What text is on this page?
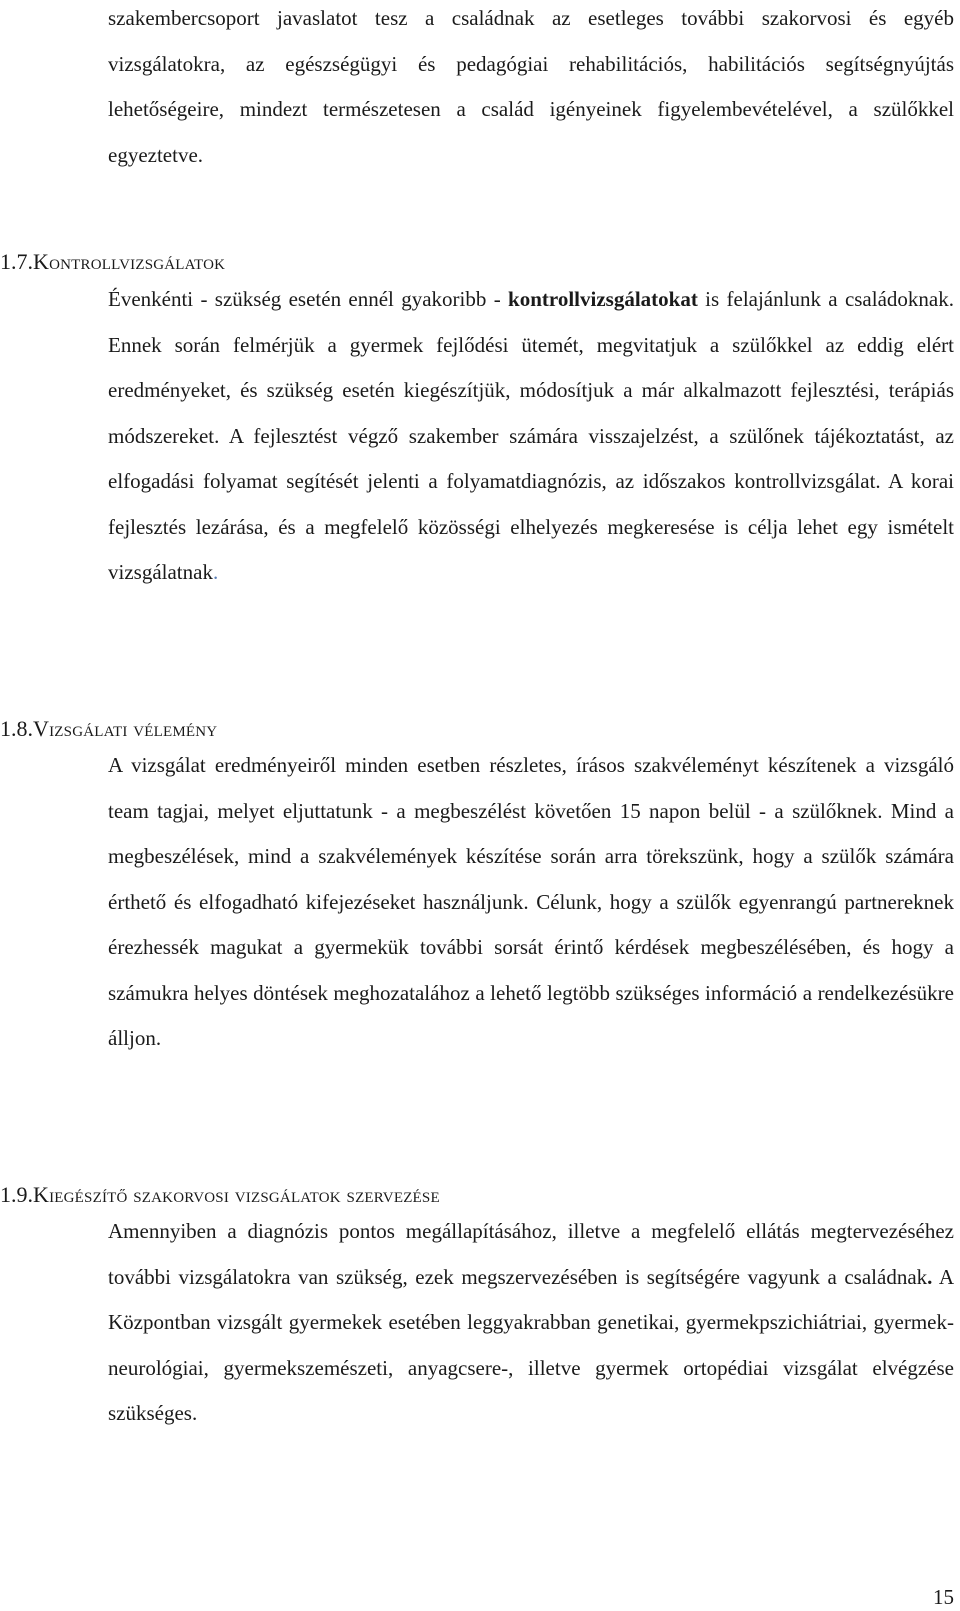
szakembercsoport javaslatot tesz a családnak az esetleges további szakorvosi és egyéb vizsgálatokra, az egészségügyi és pedagógiai rehabilitációs, habilitációs segítségnyújtás lehetőségeire, mindezt természetesen a család igényeinek figyelembevételével, a szülőkkel egyeztetve.

1.7.Kontrollvizsgálatok

Évenkénti - szükség esetén ennél gyakoribb - kontrollvizsgálatokat is felajánlunk a családoknak. Ennek során felmérjük a gyermek fejlődési ütemét, megvitatjuk a szülőkkel az eddig elért eredményeket, és szükség esetén kiegészítjük, módosítjuk a már alkalmazott fejlesztési, terápiás módszereket. A fejlesztést végző szakember számára visszajelzést, a szülőnek tájékoztatást, az elfogadási folyamat segítését jelenti a folyamatdiagnózis, az időszakos kontrollvizsgálat. A korai fejlesztés lezárása, és a megfelelő közösségi elhelyezés megkeresése is célja lehet egy ismételt vizsgálatnak.

1.8.Vizsgálati vélemény

A vizsgálat eredményeiről minden esetben részletes, írásos szakvéleményt készítenek a vizsgáló team tagjai, melyet eljuttatunk - a megbeszélést követően 15 napon belül - a szülőknek. Mind a megbeszélések, mind a szakvélemények készítése során arra törekszünk, hogy a szülők számára érthető és elfogadható kifejezéseket használjunk. Célunk, hogy a szülők egyenrangú partnereknek érezhessék magukat a gyermekük további sorsát érintő kérdések megbeszélésében, és hogy a számukra helyes döntések meghozatalához a lehető legtöbb szükséges információ a rendelkezésükre álljon.

1.9.Kiegészítő szakorvosi vizsgálatok szervezése

Amennyiben a diagnózis pontos megállapításához, illetve a megfelelő ellátás megtervezéséhez további vizsgálatokra van szükség, ezek megszervezésében is segítségére vagyunk a családnak. A Központban vizsgált gyermekek esetében leggyakrabban genetikai, gyermekpszichiátriai, gyermek-neurológiai, gyermekszemészeti, anyagcsere-, illetve gyermek ortopédiai vizsgálat elvégzése szükséges.

15
